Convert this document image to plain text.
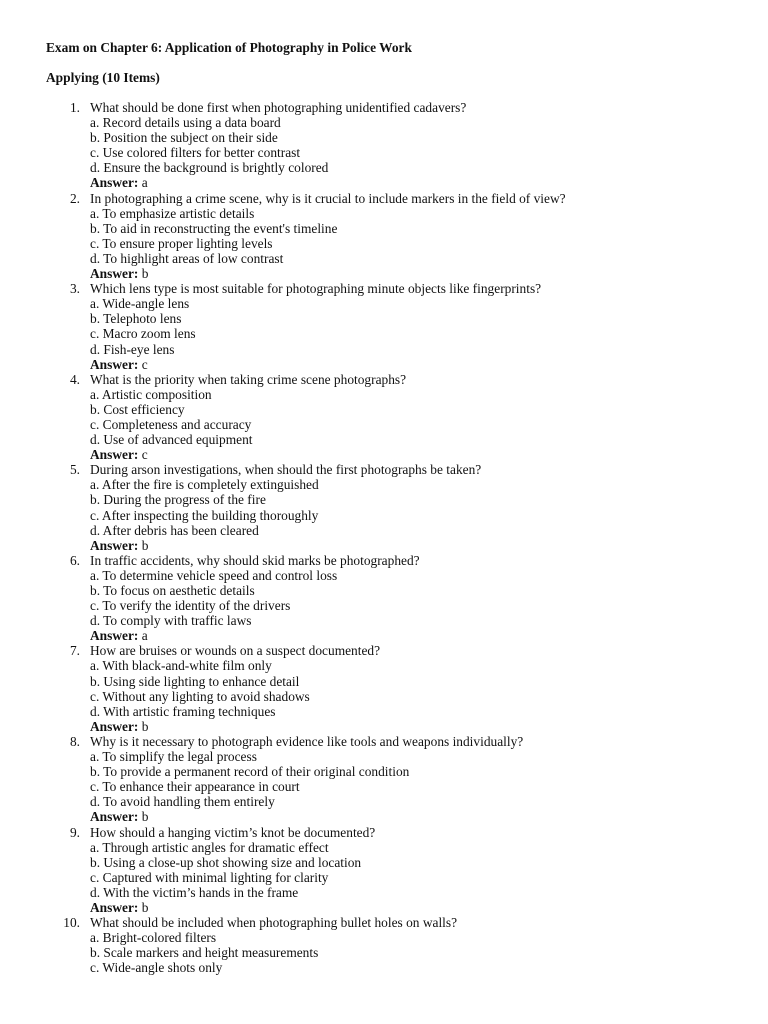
Exam on Chapter 6: Application of Photography in Police Work

Applying (10 Items)

1. What should be done first when photographing unidentified cadavers?
a. Record details using a data board
b. Position the subject on their side
c. Use colored filters for better contrast
d. Ensure the background is brightly colored
Answer: a
2. In photographing a crime scene, why is it crucial to include markers in the field of view?
a. To emphasize artistic details
b. To aid in reconstructing the event's timeline
c. To ensure proper lighting levels
d. To highlight areas of low contrast
Answer: b
3. Which lens type is most suitable for photographing minute objects like fingerprints?
a. Wide-angle lens
b. Telephoto lens
c. Macro zoom lens
d. Fish-eye lens
Answer: c
4. What is the priority when taking crime scene photographs?
a. Artistic composition
b. Cost efficiency
c. Completeness and accuracy
d. Use of advanced equipment
Answer: c
5. During arson investigations, when should the first photographs be taken?
a. After the fire is completely extinguished
b. During the progress of the fire
c. After inspecting the building thoroughly
d. After debris has been cleared
Answer: b
6. In traffic accidents, why should skid marks be photographed?
a. To determine vehicle speed and control loss
b. To focus on aesthetic details
c. To verify the identity of the drivers
d. To comply with traffic laws
Answer: a
7. How are bruises or wounds on a suspect documented?
a. With black-and-white film only
b. Using side lighting to enhance detail
c. Without any lighting to avoid shadows
d. With artistic framing techniques
Answer: b
8. Why is it necessary to photograph evidence like tools and weapons individually?
a. To simplify the legal process
b. To provide a permanent record of their original condition
c. To enhance their appearance in court
d. To avoid handling them entirely
Answer: b
9. How should a hanging victim’s knot be documented?
a. Through artistic angles for dramatic effect
b. Using a close-up shot showing size and location
c. Captured with minimal lighting for clarity
d. With the victim’s hands in the frame
Answer: b
10. What should be included when photographing bullet holes on walls?
a. Bright-colored filters
b. Scale markers and height measurements
c. Wide-angle shots only
